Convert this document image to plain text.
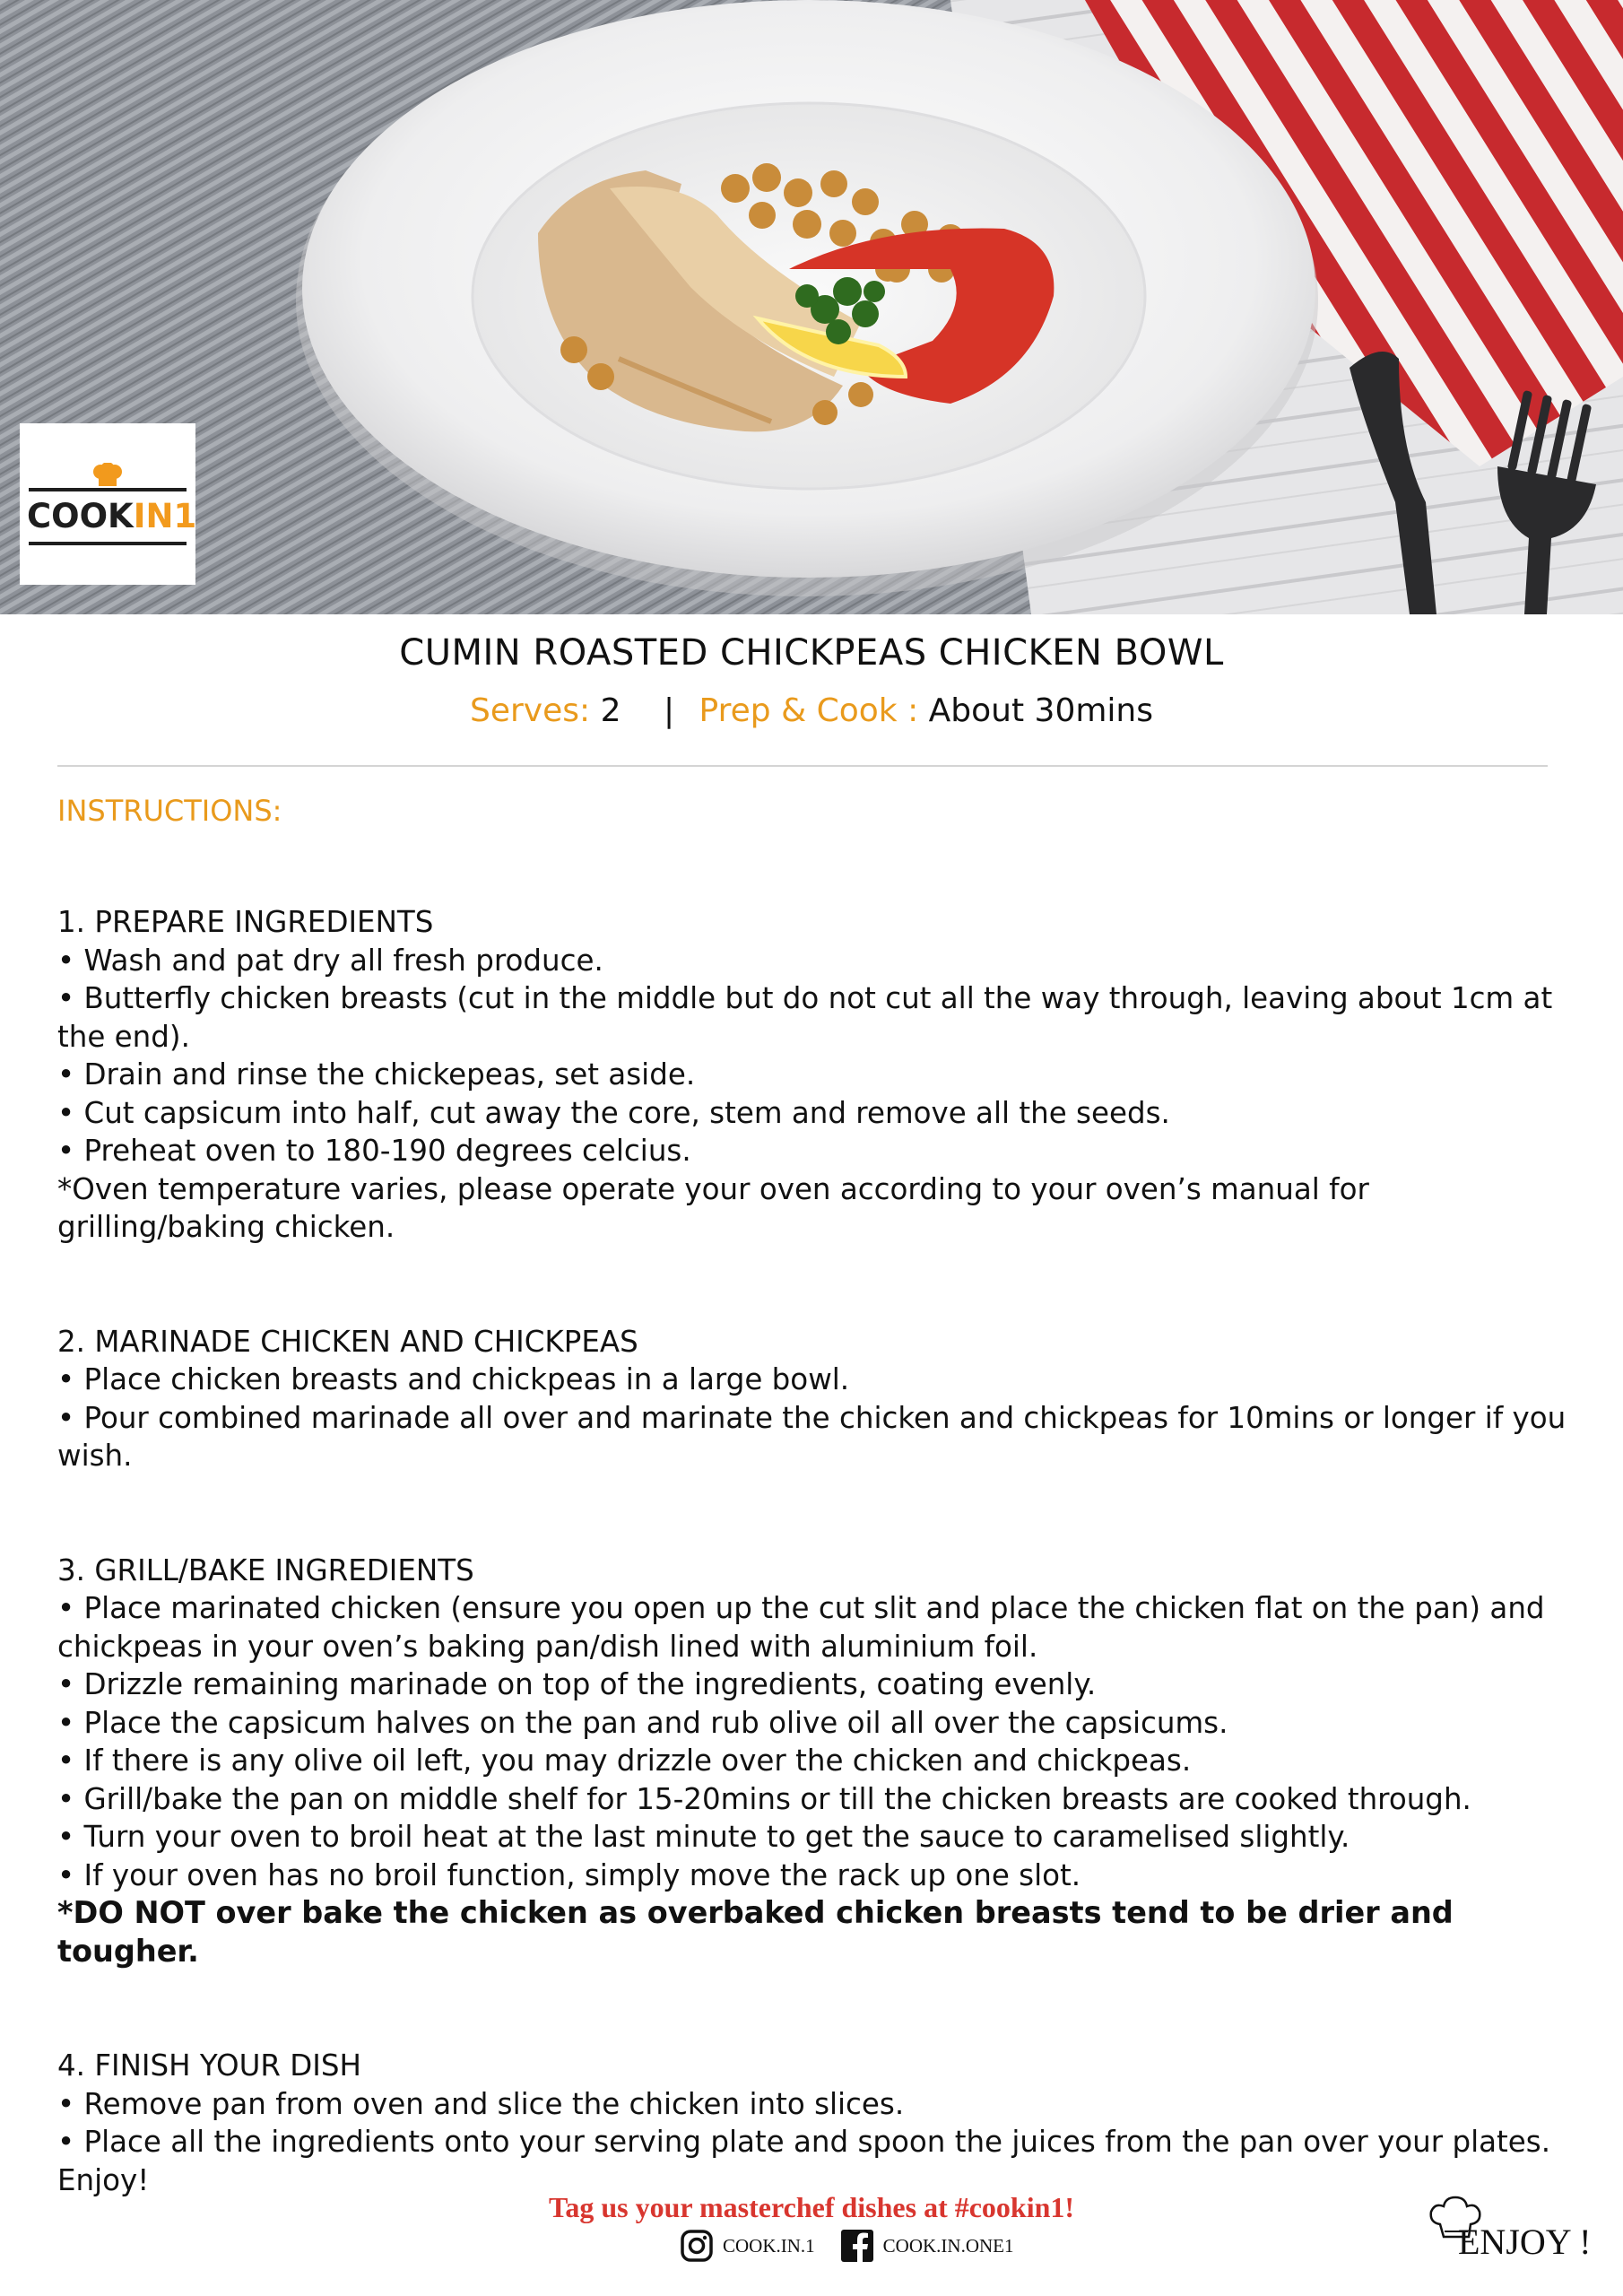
COOKIN1
CUMIN ROASTED CHICKPEAS CHICKEN BOWL
Serves: 2 | Prep & Cook : About 30mins
INSTRUCTIONS:
1. PREPARE INGREDIENTS

• Wash and pat dry all fresh produce.

• Butterfly chicken breasts (cut in the middle but do not cut all the way through, leaving about 1cm at the end).

• Drain and rinse the chickepeas, set aside.

• Cut capsicum into half, cut away the core, stem and remove all the seeds.

• Preheat oven to 180-190 degrees celcius.

*Oven temperature varies, please operate your oven according to your oven’s manual for grilling/baking chicken.

2. MARINADE CHICKEN AND CHICKPEAS

• Place chicken breasts and chickpeas in a large bowl.

• Pour combined marinade all over and marinate the chicken and chickpeas for 10mins or longer if you wish.

3. GRILL/BAKE INGREDIENTS

• Place marinated chicken (ensure you open up the cut slit and place the chicken flat on the pan) and chickpeas in your oven’s baking pan/dish lined with aluminium foil.

• Drizzle remaining marinade on top of the ingredients, coating evenly.

• Place the capsicum halves on the pan and rub olive oil all over the capsicums.

• If there is any olive oil left, you may drizzle over the chicken and chickpeas.

• Grill/bake the pan on middle shelf for 15-20mins or till the chicken breasts are cooked through.

• Turn your oven to broil heat at the last minute to get the sauce to caramelised slightly.

• If your oven has no broil function, simply move the rack up one slot.

*DO NOT over bake the chicken as overbaked chicken breasts tend to be drier and tougher.

4. FINISH YOUR DISH

• Remove pan from oven and slice the chicken into slices.

• Place all the ingredients onto your serving plate and spoon the juices from the pan over your plates. Enjoy!

Tag us your masterchef dishes at #cookin1!
COOK.IN.1	COOK.IN.ONE1	ENJOY !
